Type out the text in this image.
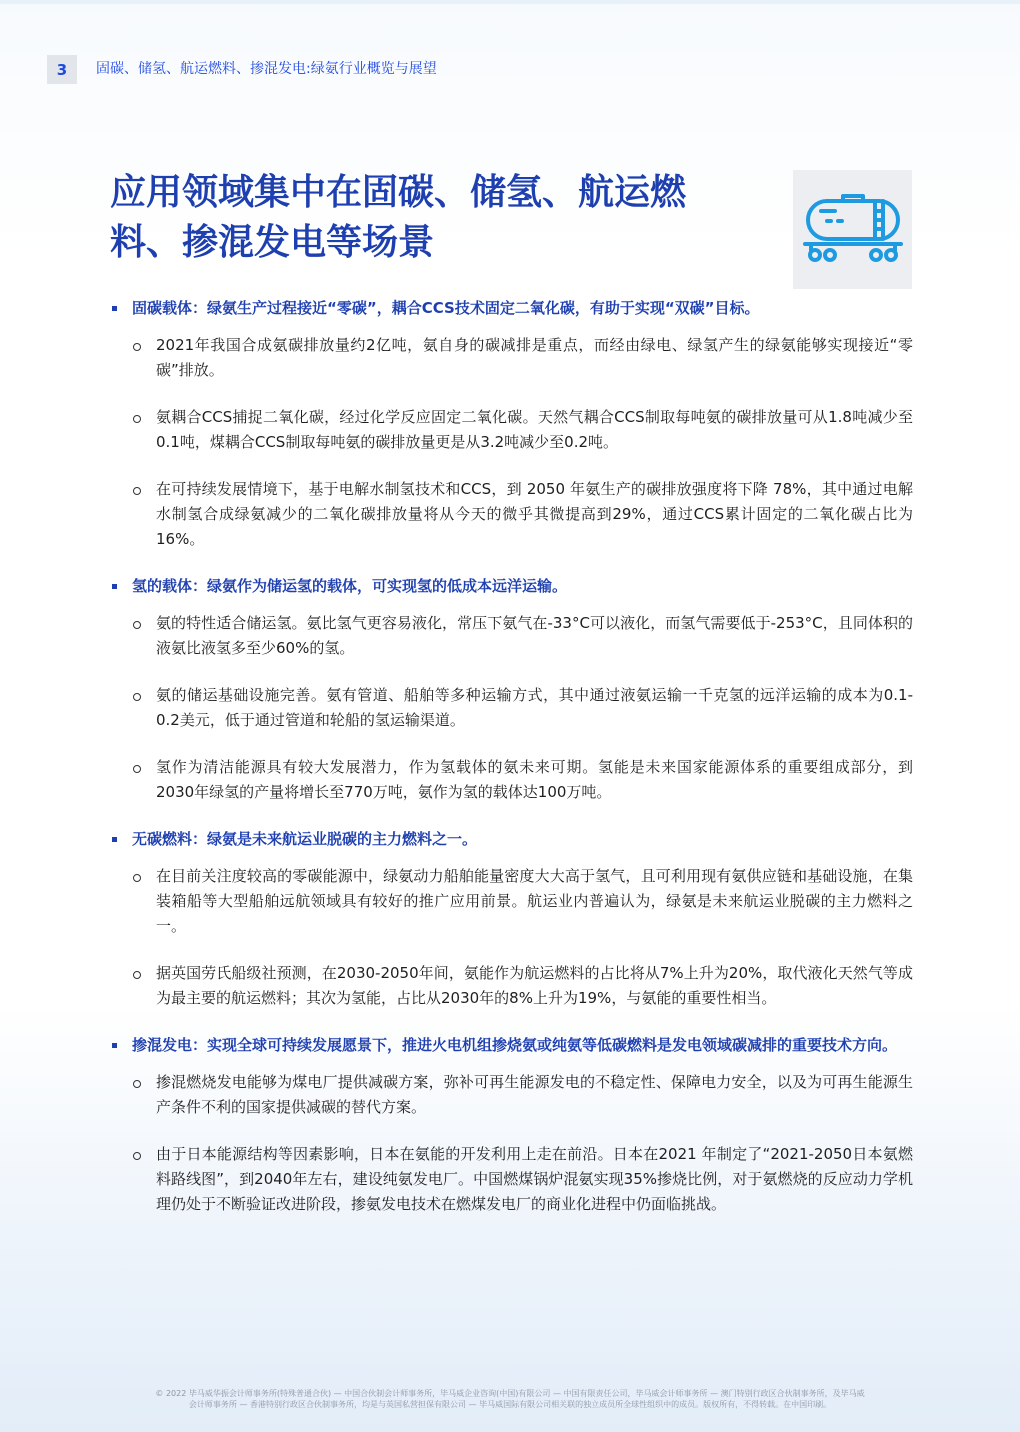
3	固碳、储氢、航运燃料、掺混发电:绿氨行业概览与展望
应用领域集中在固碳、储氢、航运燃
料、掺混发电等场景
固碳载体：绿氨生产过程接近“零碳”，耦合CCS技术固定二氧化碳，有助于实现“双碳”目标。
2021年我国合成氨碳排放量约2亿吨，氨自身的碳减排是重点，而经由绿电、绿氢产生的绿氨能够实现接近“零碳”排放。
氨耦合CCS捕捉二氧化碳，经过化学反应固定二氧化碳。天然气耦合CCS制取每吨氨的碳排放量可从1.8吨减少至0.1吨，煤耦合CCS制取每吨氨的碳排放量更是从3.2吨减少至0.2吨。
在可持续发展情境下，基于电解水制氢技术和CCS，到 2050 年氨生产的碳排放强度将下降 78%，其中通过电解水制氢合成绿氨减少的二氧化碳排放量将从今天的微乎其微提高到29%，通过CCS累计固定的二氧化碳占比为16%。
氢的载体：绿氨作为储运氢的载体，可实现氢的低成本远洋运输。
氨的特性适合储运氢。氨比氢气更容易液化，常压下氨气在-33°C可以液化，而氢气需要低于-253°C，且同体积的液氨比液氢多至少60%的氢。
氨的储运基础设施完善。氨有管道、船舶等多种运输方式，其中通过液氨运输一千克氢的远洋运输的成本为0.1-0.2美元，低于通过管道和轮船的氢运输渠道。
氢作为清洁能源具有较大发展潜力，作为氢载体的氨未来可期。氢能是未来国家能源体系的重要组成部分，到2030年绿氢的产量将增长至770万吨，氨作为氢的载体达100万吨。
无碳燃料：绿氨是未来航运业脱碳的主力燃料之一。
在目前关注度较高的零碳能源中，绿氨动力船舶能量密度大大高于氢气，且可利用现有氨供应链和基础设施，在集装箱船等大型船舶远航领域具有较好的推广应用前景。航运业内普遍认为，绿氨是未来航运业脱碳的主力燃料之一。
据英国劳氏船级社预测，在2030-2050年间，氨能作为航运燃料的占比将从7%上升为20%，取代液化天然气等成为最主要的航运燃料；其次为氢能，占比从2030年的8%上升为19%，与氨能的重要性相当。
掺混发电：实现全球可持续发展愿景下，推进火电机组掺烧氨或纯氨等低碳燃料是发电领域碳减排的重要技术方向。
掺混燃烧发电能够为煤电厂提供减碳方案，弥补可再生能源发电的不稳定性、保障电力安全，以及为可再生能源生产条件不利的国家提供减碳的替代方案。
由于日本能源结构等因素影响，日本在氨能的开发利用上走在前沿。日本在2021 年制定了“2021-2050日本氨燃料路线图”，到2040年左右，建设纯氨发电厂。中国燃煤锅炉混氨实现35%掺烧比例，对于氨燃烧的反应动力学机理仍处于不断验证改进阶段，掺氨发电技术在燃煤发电厂的商业化进程中仍面临挑战。
© 2022 毕马威华振会计师事务所(特殊普通合伙) — 中国合伙制会计师事务所，毕马威企业咨询(中国)有限公司 — 中国有限责任公司，毕马威会计师事务所 — 澳门特别行政区合伙制事务所，及毕马威
会计师事务所 — 香港特别行政区合伙制事务所，均是与英国私营担保有限公司 — 毕马威国际有限公司相关联的独立成员所全球性组织中的成员。版权所有，不得转载。在中国印刷。
